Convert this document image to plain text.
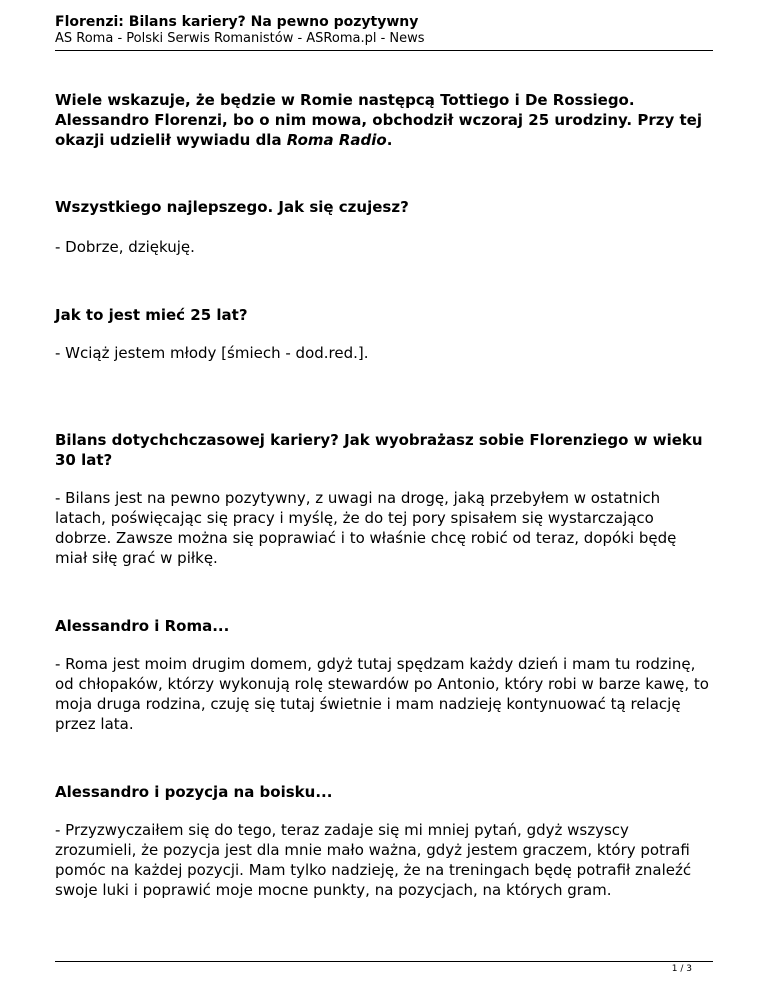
Florenzi: Bilans kariery? Na pewno pozytywny
AS Roma - Polski Serwis Romanistów - ASRoma.pl - News

Wiele wskazuje, że będzie w Romie następcą Tottiego i De Rossiego. Alessandro Florenzi, bo o nim mowa, obchodził wczoraj 25 urodziny. Przy tej okazji udzielił wywiadu dla Roma Radio.

Wszystkiego najlepszego. Jak się czujesz?

- Dobrze, dziękuję.

Jak to jest mieć 25 lat?

- Wciąż jestem młody [śmiech - dod.red.].

Bilans dotychchczasowej kariery? Jak wyobrażasz sobie Florenziego w wieku 30 lat?

- Bilans jest na pewno pozytywny, z uwagi na drogę, jaką przebyłem w ostatnich latach, poświęcając się pracy i myślę, że do tej pory spisałem się wystarczająco dobrze. Zawsze można się poprawiać i to właśnie chcę robić od teraz, dopóki będę miał siłę grać w piłkę.

Alessandro i Roma...

- Roma jest moim drugim domem, gdyż tutaj spędzam każdy dzień i mam tu rodzinę, od chłopaków, którzy wykonują rolę stewardów po Antonio, który robi w barze kawę, to moja druga rodzina, czuję się tutaj świetnie i mam nadzieję kontynuować tą relację przez lata.

Alessandro i pozycja na boisku...

- Przyzwyczaiłem się do tego, teraz zadaje się mi mniej pytań, gdyż wszyscy zrozumieli, że pozycja jest dla mnie mało ważna, gdyż jestem graczem, który potrafi pomóc na każdej pozycji. Mam tylko nadzieję, że na treningach będę potrafił znaleźć swoje luki i poprawić moje mocne punkty, na pozycjach, na których gram.

1 / 3
